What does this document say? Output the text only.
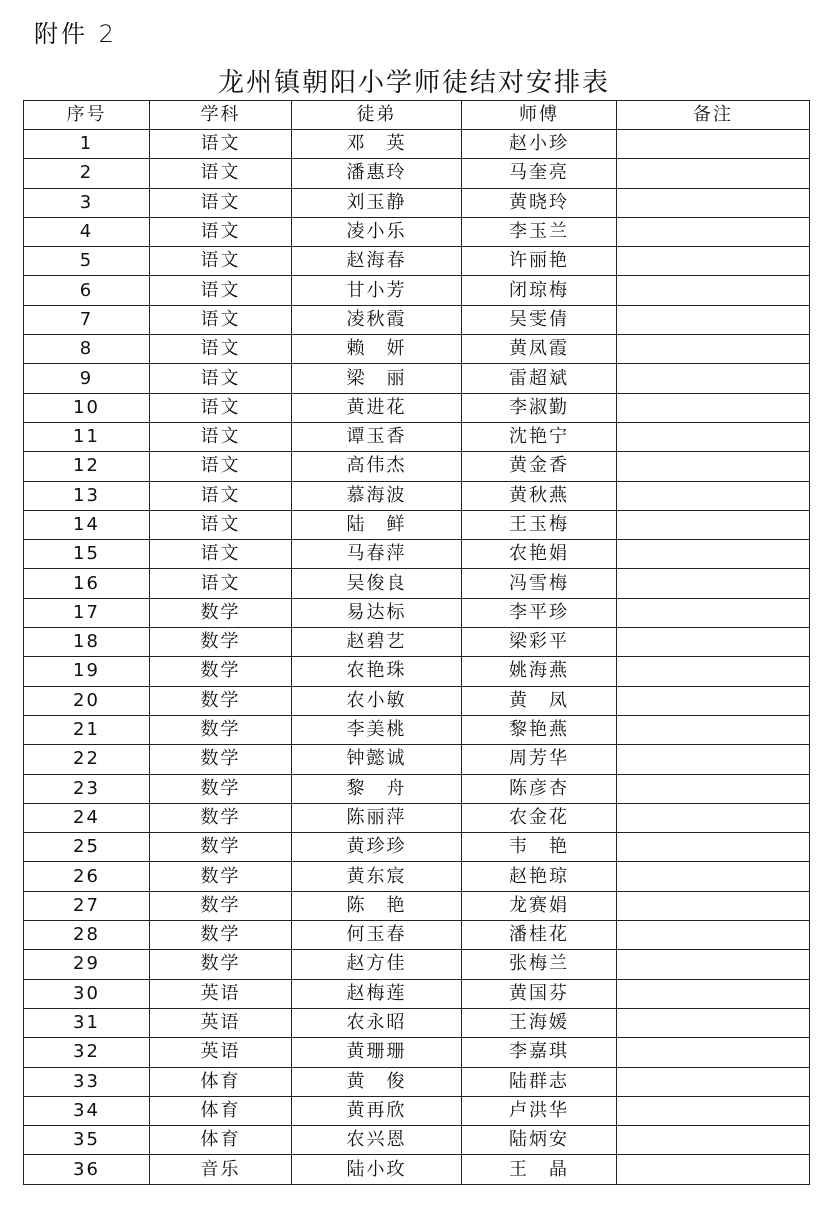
附件 2
龙州镇朝阳小学师徒结对安排表
序号	学科	徒弟	师傅	备注
1	语文	邓　英	赵小珍	
2	语文	潘惠玲	马奎亮	
3	语文	刘玉静	黄晓玲	
4	语文	凌小乐	李玉兰	
5	语文	赵海春	许丽艳	
6	语文	甘小芳	闭琼梅	
7	语文	凌秋霞	吴雯倩	
8	语文	赖　妍	黄凤霞	
9	语文	梁　丽	雷超斌	
10	语文	黄进花	李淑勤	
11	语文	谭玉香	沈艳宁	
12	语文	高伟杰	黄金香	
13	语文	慕海波	黄秋燕	
14	语文	陆　鲜	王玉梅	
15	语文	马春萍	农艳娟	
16	语文	吴俊良	冯雪梅	
17	数学	易达标	李平珍	
18	数学	赵碧艺	梁彩平	
19	数学	农艳珠	姚海燕	
20	数学	农小敏	黄　凤	
21	数学	李美桃	黎艳燕	
22	数学	钟懿诚	周芳华	
23	数学	黎　舟	陈彦杏	
24	数学	陈丽萍	农金花	
25	数学	黄珍珍	韦　艳	
26	数学	黄东宸	赵艳琼	
27	数学	陈　艳	龙赛娟	
28	数学	何玉春	潘桂花	
29	数学	赵方佳	张梅兰	
30	英语	赵梅莲	黄国芬	
31	英语	农永昭	王海媛	
32	英语	黄珊珊	李嘉琪	
33	体育	黄　俊	陆群志	
34	体育	黄再欣	卢洪华	
35	体育	农兴恩	陆炳安	
36	音乐	陆小玫	王　晶	
